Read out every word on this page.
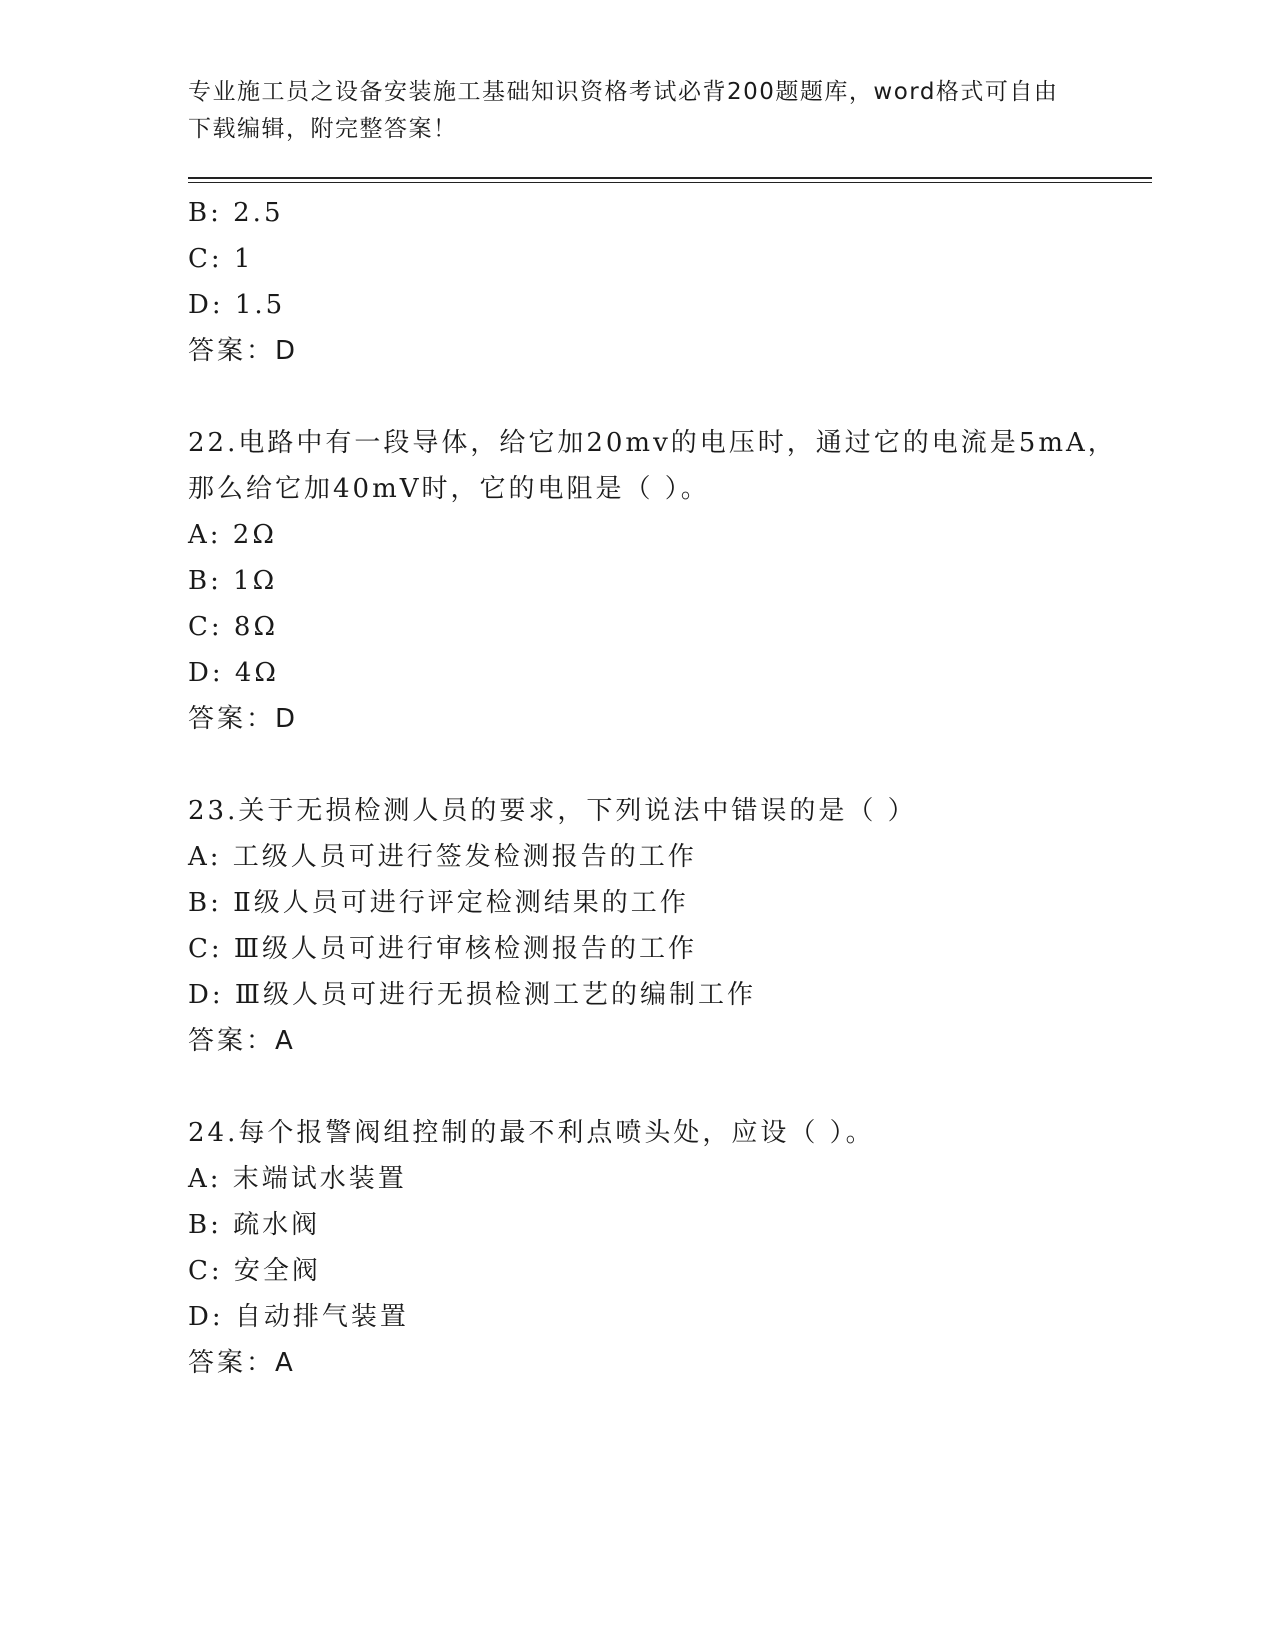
专业施工员之设备安装施工基础知识资格考试必背200题题库，word格式可自由
下载编辑，附完整答案！
B: 2.5
C: 1
D: 1.5
答案：D
22.电路中有一段导体，给它加20mv的电压时，通过它的电流是5mA，
那么给它加40mV时，它的电阻是（ ）。
A: 2Ω
B: 1Ω
C: 8Ω
D: 4Ω
答案：D
23.关于无损检测人员的要求，下列说法中错误的是（ ）
A: 工级人员可进行签发检测报告的工作
B: Ⅱ级人员可进行评定检测结果的工作
C: Ⅲ级人员可进行审核检测报告的工作
D: Ⅲ级人员可进行无损检测工艺的编制工作
答案：A
24.每个报警阀组控制的最不利点喷头处，应设（ ）。
A: 末端试水装置
B: 疏水阀
C: 安全阀
D: 自动排气装置
答案：A
